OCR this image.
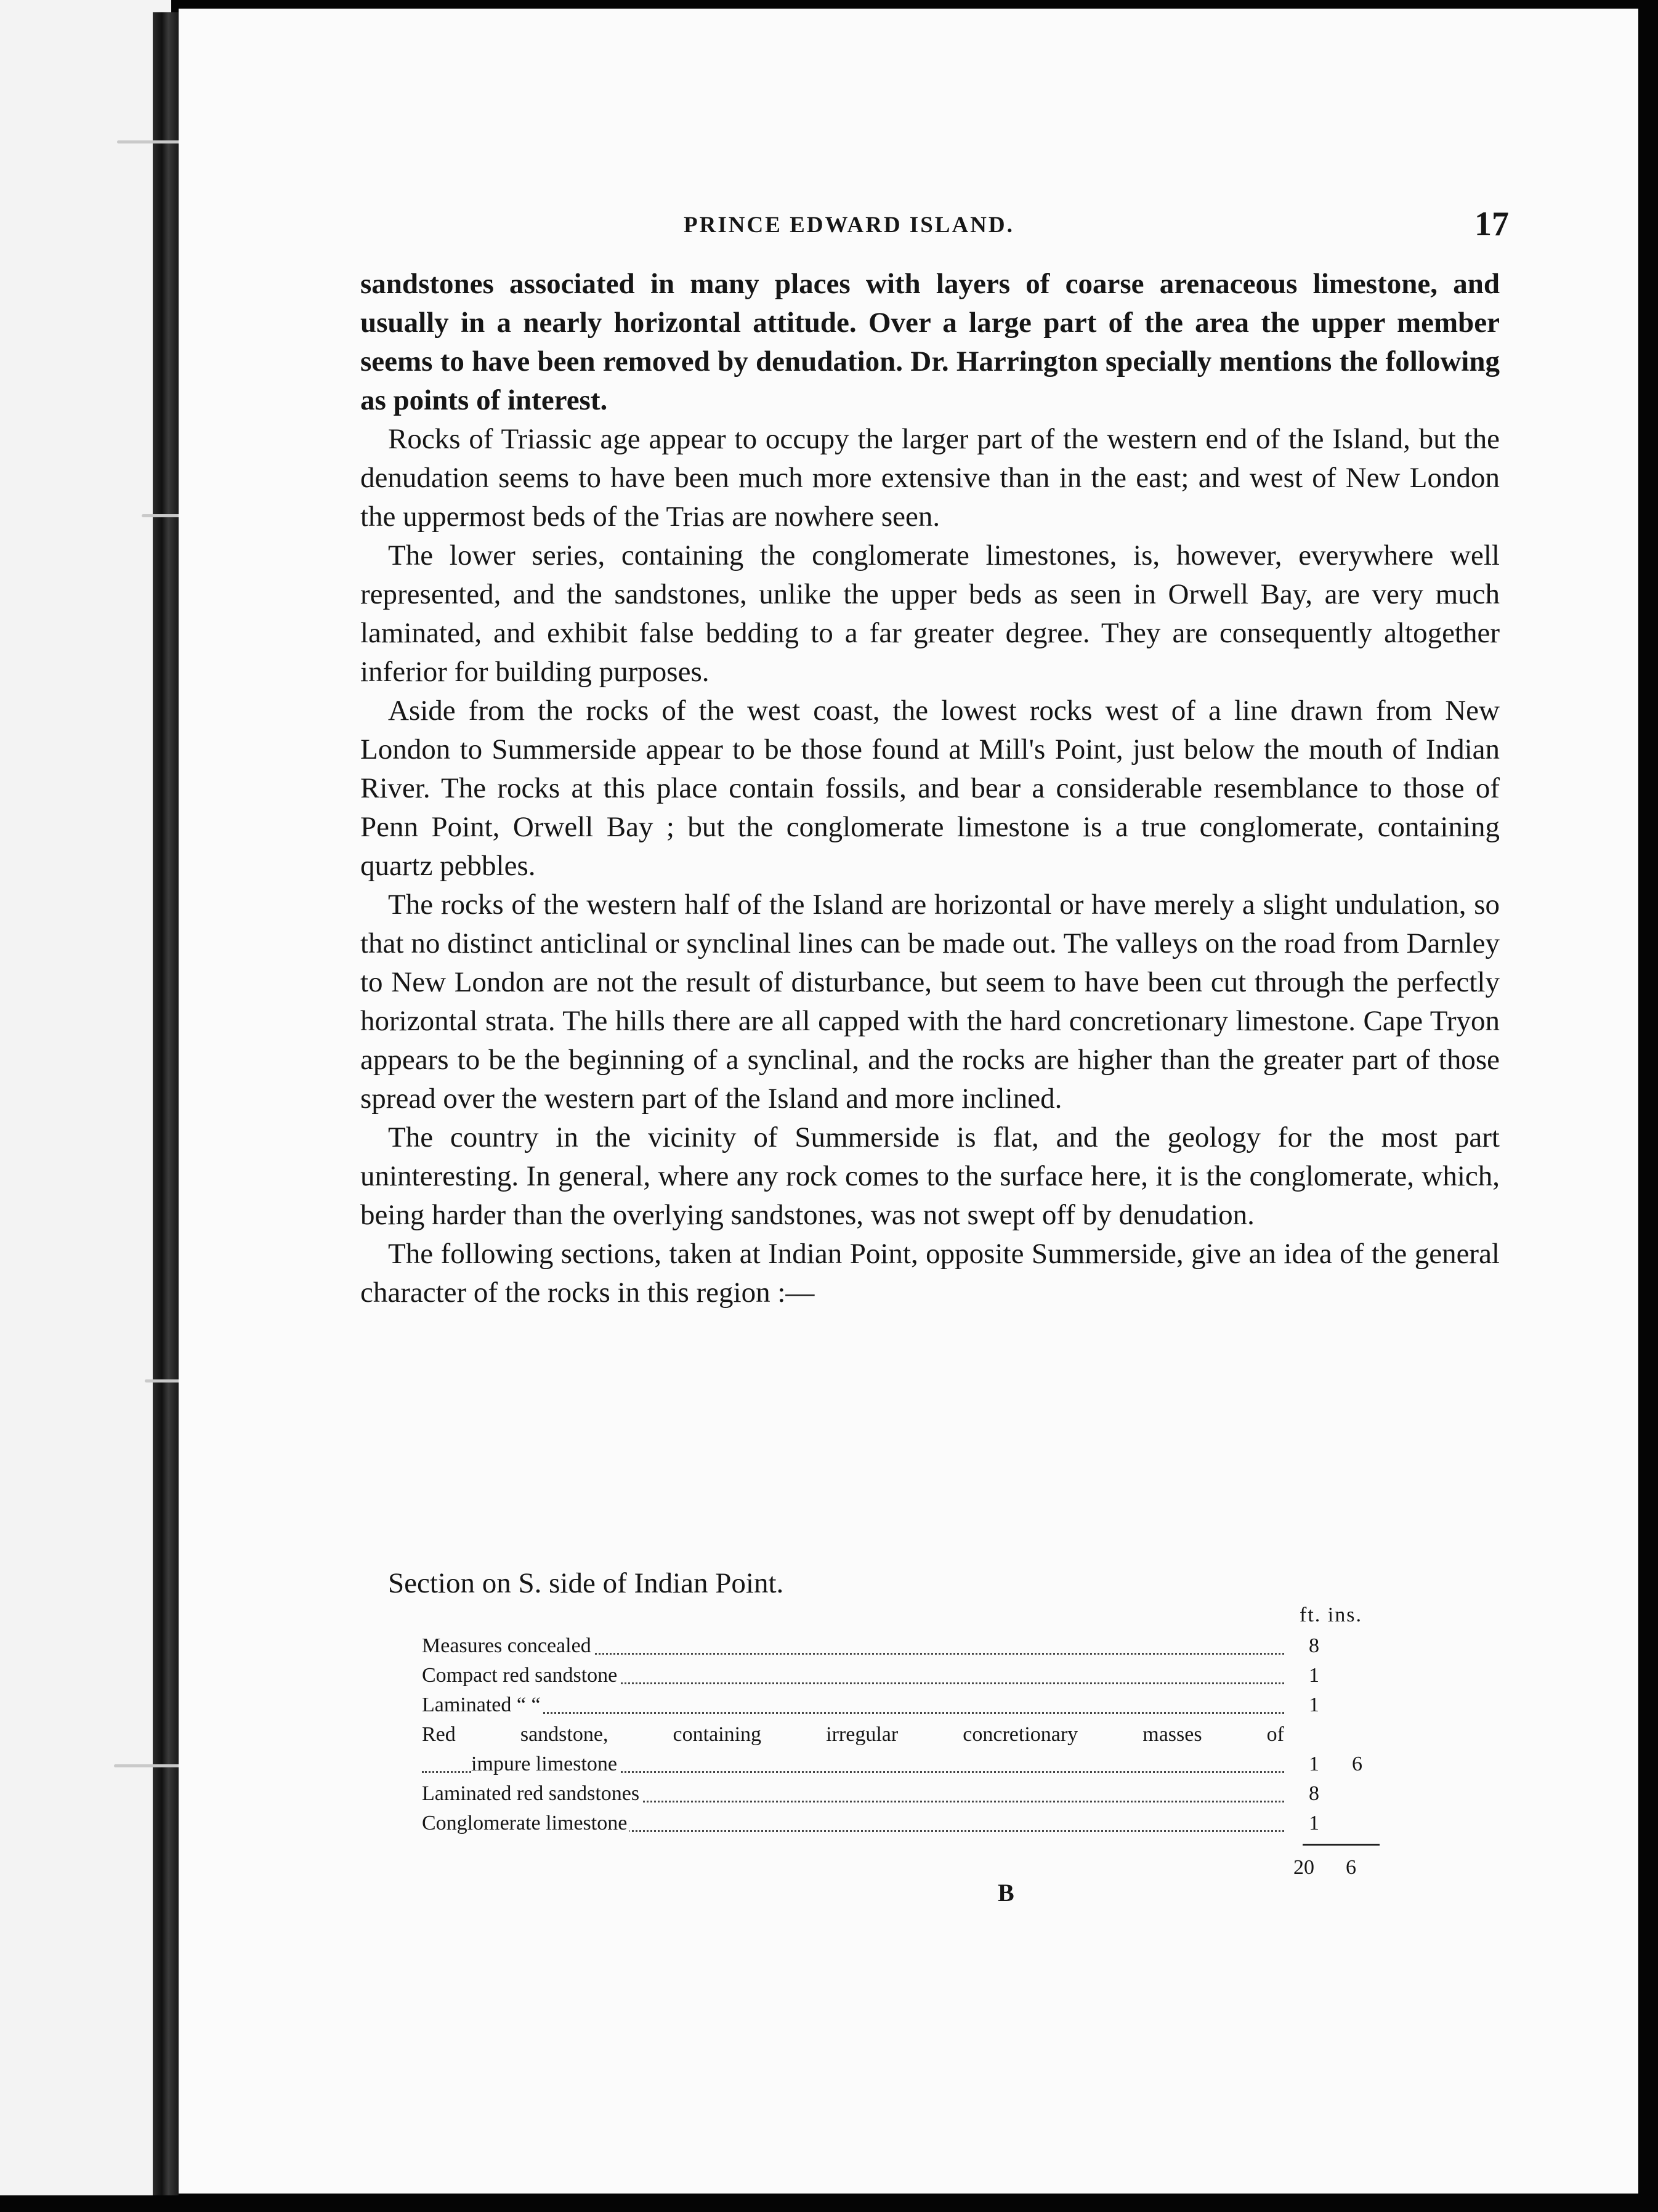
PRINCE EDWARD ISLAND.	17

sandstones associated in many places with layers of coarse arenaceous limestone, and usually in a nearly horizontal attitude. Over a large part of the area the upper member seems to have been removed by denudation. Dr. Harrington specially mentions the following as points of interest.

Rocks of Triassic age appear to occupy the larger part of the western end of the Island, but the denudation seems to have been much more extensive than in the east; and west of New London the uppermost beds of the Trias are nowhere seen.

The lower series, containing the conglomerate limestones, is, however, everywhere well represented, and the sandstones, unlike the upper beds as seen in Orwell Bay, are very much laminated, and exhibit false bedding to a far greater degree. They are consequently altogether inferior for building purposes.

Aside from the rocks of the west coast, the lowest rocks west of a line drawn from New London to Summerside appear to be those found at Mill's Point, just below the mouth of Indian River. The rocks at this place contain fossils, and bear a considerable resemblance to those of Penn Point, Orwell Bay ; but the conglomerate limestone is a true conglomerate, containing quartz pebbles.

The rocks of the western half of the Island are horizontal or have merely a slight undulation, so that no distinct anticlinal or synclinal lines can be made out. The valleys on the road from Darnley to New London are not the result of disturbance, but seem to have been cut through the perfectly horizontal strata. The hills there are all capped with the hard concretionary limestone. Cape Tryon appears to be the beginning of a synclinal, and the rocks are higher than the greater part of those spread over the western part of the Island and more inclined.

The country in the vicinity of Summerside is flat, and the geology for the most part uninteresting. In general, where any rock comes to the surface here, it is the conglomerate, which, being harder than the overlying sandstones, was not swept off by denudation.

The following sections, taken at Indian Point, opposite Summerside, give an idea of the general character of the rocks in this region :—

Section on S. side of Indian Point.
ft. ins.
Measures concealed	8
Compact red sandstone	1
Laminated “ “	1
Red sandstone, containing irregular concretionary masses of
impure limestone	1 6
Laminated red sandstones	8
Conglomerate limestone	1
20 6
B
